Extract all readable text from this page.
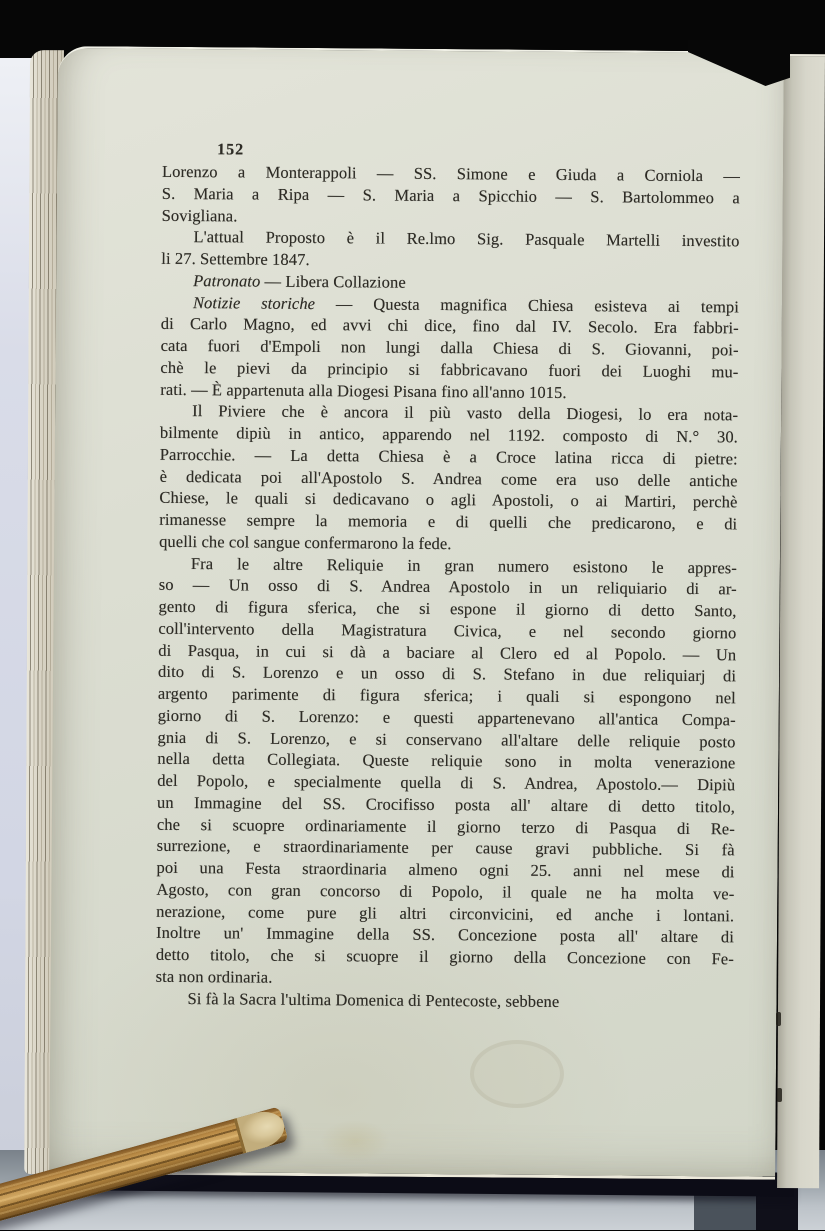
152
Lorenzo a Monterappoli — SS. Simone e Giuda a Corniola —
S. Maria a Ripa — S. Maria a Spicchio — S. Bartolommeo a
Sovigliana.
L'attual Proposto è il Re.lmo Sig. Pasquale Martelli investito
li 27. Settembre 1847.
Patronato — Libera Collazione
Notizie storiche — Questa magnifica Chiesa esisteva ai tempi
di Carlo Magno, ed avvi chi dice, fino dal IV. Secolo. Era fabbri-
cata fuori d'Empoli non lungi dalla Chiesa di S. Giovanni, poi-
chè le pievi da principio si fabbricavano fuori dei Luoghi mu-
rati. — È appartenuta alla Diogesi Pisana fino all'anno 1015.
Il Piviere che è ancora il più vasto della Diogesi, lo era nota-
bilmente dipiù in antico, apparendo nel 1192. composto di N.° 30.
Parrocchie. — La detta Chiesa è a Croce latina ricca di pietre:
è dedicata poi all'Apostolo S. Andrea come era uso delle antiche
Chiese, le quali si dedicavano o agli Apostoli, o ai Martiri, perchè
rimanesse sempre la memoria e di quelli che predicarono, e di
quelli che col sangue confermarono la fede.
Fra le altre Reliquie in gran numero esistono le appres-
so — Un osso di S. Andrea Apostolo in un reliquiario di ar-
gento di figura sferica, che si espone il giorno di detto Santo,
coll'intervento della Magistratura Civica, e nel secondo giorno
di Pasqua, in cui si dà a baciare al Clero ed al Popolo. — Un
dito di S. Lorenzo e un osso di S. Stefano in due reliquiarj di
argento parimente di figura sferica; i quali si espongono nel
giorno di S. Lorenzo: e questi appartenevano all'antica Compa-
gnia di S. Lorenzo, e si conservano all'altare delle reliquie posto
nella detta Collegiata. Queste reliquie sono in molta venerazione
del Popolo, e specialmente quella di S. Andrea, Apostolo.— Dipiù
un Immagine del SS. Crocifisso posta all' altare di detto titolo,
che si scuopre ordinariamente il giorno terzo di Pasqua di Re-
surrezione, e straordinariamente per cause gravi pubbliche. Si fà
poi una Festa straordinaria almeno ogni 25. anni nel mese di
Agosto, con gran concorso di Popolo, il quale ne ha molta ve-
nerazione, come pure gli altri circonvicini, ed anche i lontani.
Inoltre un' Immagine della SS. Concezione posta all' altare di
detto titolo, che si scuopre il giorno della Concezione con Fe-
sta non ordinaria.
Si fà la Sacra l'ultima Domenica di Pentecoste, sebbene
